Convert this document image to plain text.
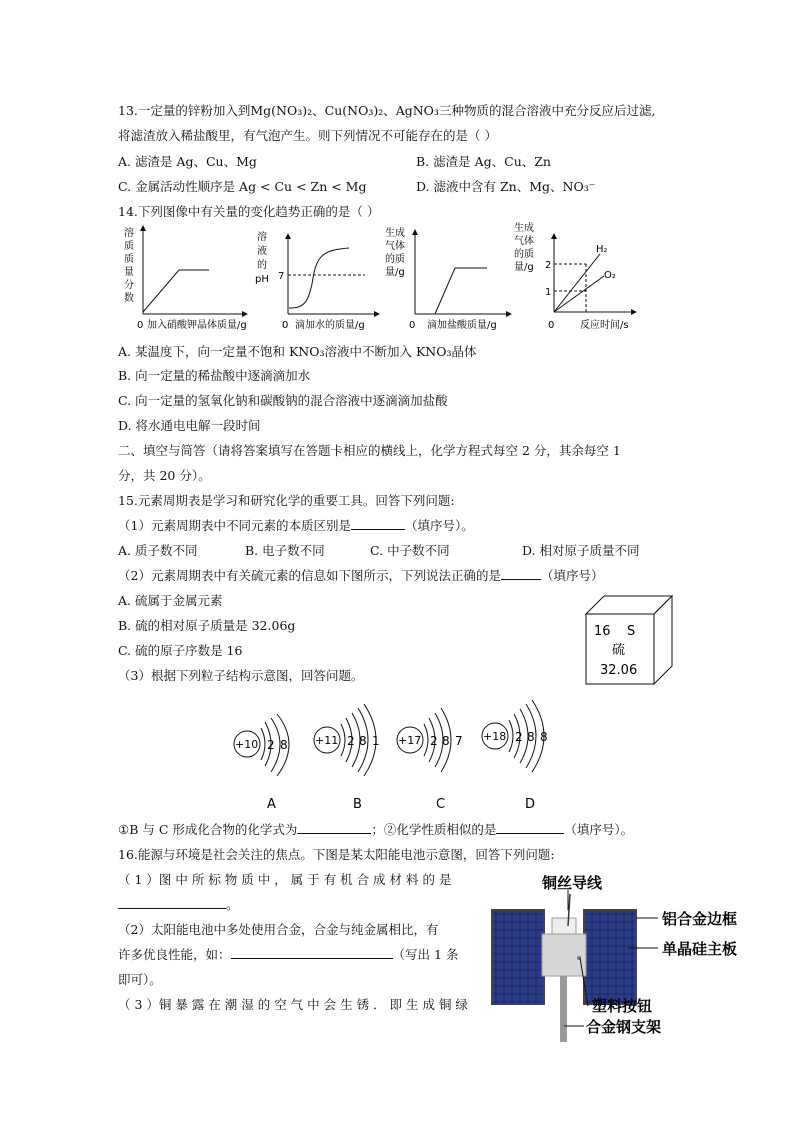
13.一定量的锌粉加入到Mg(NO₃)₂、Cu(NO₃)₂、AgNO₃三种物质的混合溶液中充分反应后过滤,
将滤渣放入稀盐酸里，有气泡产生。则下列情况不可能存在的是（ ）
A. 滤渣是 Ag、Cu、Mg	B. 滤渣是 Ag、Cu、Zn
C. 金属活动性顺序是 Ag < Cu < Zn < Mg	D. 滤液中含有 Zn、Mg、NO₃⁻
14.下列图像中有关量的变化趋势正确的是（ ）
溶
质
质
量
分
数
0 加入硝酸钾晶体质量/g
溶
液
的
pH 7
0 滴加水的质量/g
生成
气体
的质
量/g
0 滴加盐酸质量/g
生成
气体
的质
量/g 2
1
H₂
O₂
0	反应时间/s
A. 某温度下，向一定量不饱和 KNO₃溶液中不断加入 KNO₃晶体
B. 向一定量的稀盐酸中逐滴滴加水
C. 向一定量的氢氧化钠和碳酸钠的混合溶液中逐滴滴加盐酸
D. 将水通电电解一段时间
二、填空与简答（请将答案填写在答题卡相应的横线上，化学方程式每空 2 分，其余每空 1
分，共 20 分）。
15.元素周期表是学习和研究化学的重要工具。回答下列问题:
（1）元素周期表中不同元素的本质区别是	（填序号）。
A. 质子数不同	B. 电子数不同	C. 中子数不同	D. 相对原子质量不同
（2）元素周期表中有关硫元素的信息如下图所示，下列说法正确的是	（填序号）
A. 硫属于金属元素
B. 硫的相对原子质量是 32.06g
C. 硫的原子序数是 16
（3）根据下列粒子结构示意图，回答问题。
16 S
硫
32.06
+10 2 8
A
+11 2 8 1
B
+17 2 8 7
C
+18 2 8 8
D
①B 与 C 形成化合物的化学式为	；②化学性质相似的是	（填序号）。
16.能源与环境是社会关注的焦点。下图是某太阳能电池示意图，回答下列问题:
（ 1 ）图 中 所 标 物 质 中 ， 属 于 有 机 合 成 材 料 的 是
。
（2）太阳能电池中多处使用合金，合金与纯金属相比，有
许多优良性能，如：	（写出 1 条
即可）。
（ 3 ）铜 暴 露 在 潮 湿 的 空 气 中 会 生 锈 ． 即 生 成 铜 绿
铜丝导线
铝合金边框
单晶硅主板
塑料按钮
合金钢支架
